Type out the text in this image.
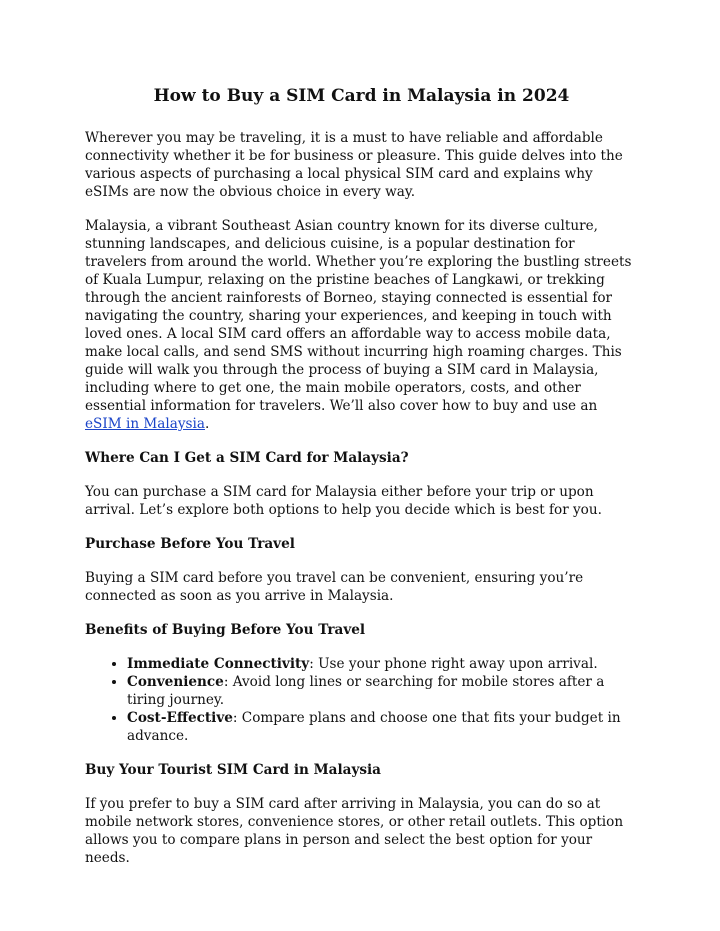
How to Buy a SIM Card in Malaysia in 2024

Wherever you may be traveling, it is a must to have reliable and affordable connectivity whether it be for business or pleasure. This guide delves into the various aspects of purchasing a local physical SIM card and explains why eSIMs are now the obvious choice in every way.

Malaysia, a vibrant Southeast Asian country known for its diverse culture, stunning landscapes, and delicious cuisine, is a popular destination for travelers from around the world. Whether you’re exploring the bustling streets of Kuala Lumpur, relaxing on the pristine beaches of Langkawi, or trekking through the ancient rainforests of Borneo, staying connected is essential for navigating the country, sharing your experiences, and keeping in touch with loved ones. A local SIM card offers an affordable way to access mobile data, make local calls, and send SMS without incurring high roaming charges. This guide will walk you through the process of buying a SIM card in Malaysia, including where to get one, the main mobile operators, costs, and other essential information for travelers. We’ll also cover how to buy and use an eSIM in Malaysia.

Where Can I Get a SIM Card for Malaysia?

You can purchase a SIM card for Malaysia either before your trip or upon arrival. Let’s explore both options to help you decide which is best for you.

Purchase Before You Travel

Buying a SIM card before you travel can be convenient, ensuring you’re connected as soon as you arrive in Malaysia.

Benefits of Buying Before You Travel
• Immediate Connectivity: Use your phone right away upon arrival.
• Convenience: Avoid long lines or searching for mobile stores after a tiring journey.
• Cost-Effective: Compare plans and choose one that fits your budget in advance.
Buy Your Tourist SIM Card in Malaysia

If you prefer to buy a SIM card after arriving in Malaysia, you can do so at mobile network stores, convenience stores, or other retail outlets. This option allows you to compare plans in person and select the best option for your needs.
